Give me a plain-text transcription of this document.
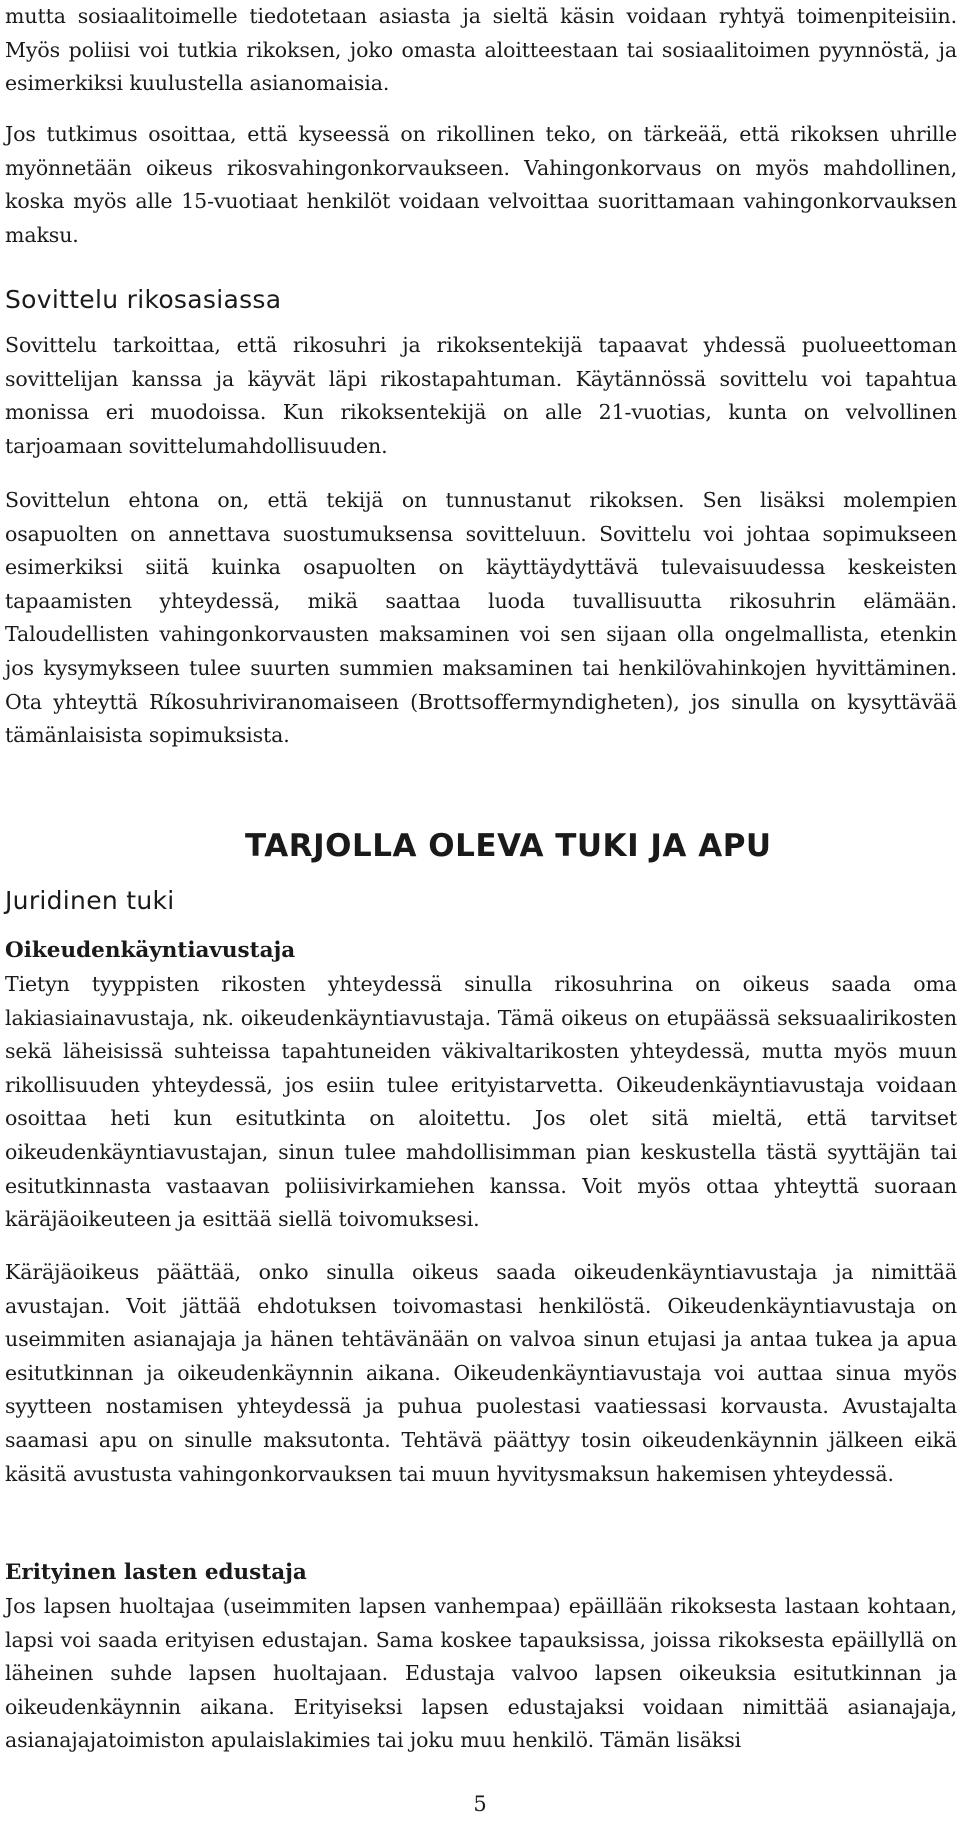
mutta sosiaalitoimelle tiedotetaan asiasta ja sieltä käsin voidaan ryhtyä toimenpiteisiin. Myös poliisi voi tutkia rikoksen, joko omasta aloitteestaan tai sosiaalitoimen pyynnöstä, ja esimerkiksi kuulustella asianomaisia.

Jos tutkimus osoittaa, että kyseessä on rikollinen teko, on tärkeää, että rikoksen uhrille myönnetään oikeus rikosvahingonkorvaukseen. Vahingonkorvaus on myös mahdollinen, koska myös alle 15-vuotiaat henkilöt voidaan velvoittaa suorittamaan vahingonkorvauksen maksu.

Sovittelu rikosasiassa

Sovittelu tarkoittaa, että rikosuhri ja rikoksentekijä tapaavat yhdessä puolueettoman sovittelijan kanssa ja käyvät läpi rikostapahtuman. Käytännössä sovittelu voi tapahtua monissa eri muodoissa. Kun rikoksentekijä on alle 21-vuotias, kunta on velvollinen tarjoamaan sovittelumahdollisuuden.

Sovittelun ehtona on, että tekijä on tunnustanut rikoksen. Sen lisäksi molempien osapuolten on annettava suostumuksensa sovitteluun. Sovittelu voi johtaa sopimukseen esimerkiksi siitä kuinka osapuolten on käyttäydyttävä tulevaisuudessa keskeisten tapaamisten yhteydessä, mikä saattaa luoda tuvallisuutta rikosuhrin elämään. Taloudellisten vahingonkorvausten maksaminen voi sen sijaan olla ongelmallista, etenkin jos kysymykseen tulee suurten summien maksaminen tai henkilövahinkojen hyvittäminen. Ota yhteyttä Ríkosuhriviranomaiseen (Brottsoffermyndigheten), jos sinulla on kysyttävää tämänlaisista sopimuksista.

TARJOLLA OLEVA TUKI JA APU
Juridinen tuki
Oikeudenkäyntiavustaja

Tietyn tyyppisten rikosten yhteydessä sinulla rikosuhrina on oikeus saada oma lakiasiainavustaja, nk. oikeudenkäyntiavustaja. Tämä oikeus on etupäässä seksuaalirikosten sekä läheisissä suhteissa tapahtuneiden väkivaltarikosten yhteydessä, mutta myös muun rikollisuuden yhteydessä, jos esiin tulee erityistarvetta. Oikeudenkäyntiavustaja voidaan osoittaa heti kun esitutkinta on aloitettu. Jos olet sitä mieltä, että tarvitset oikeudenkäyntiavustajan, sinun tulee mahdollisimman pian keskustella tästä syyttäjän tai esitutkinnasta vastaavan poliisivirkamiehen kanssa. Voit myös ottaa yhteyttä suoraan käräjäoikeuteen ja esittää siellä toivomuksesi.

Käräjäoikeus päättää, onko sinulla oikeus saada oikeudenkäyntiavustaja ja nimittää avustajan. Voit jättää ehdotuksen toivomastasi henkilöstä. Oikeudenkäyntiavustaja on useimmiten asianajaja ja hänen tehtävänään on valvoa sinun etujasi ja antaa tukea ja apua esitutkinnan ja oikeudenkäynnin aikana. Oikeudenkäyntiavustaja voi auttaa sinua myös syytteen nostamisen yhteydessä ja puhua puolestasi vaatiessasi korvausta. Avustajalta saamasi apu on sinulle maksutonta. Tehtävä päättyy tosin oikeudenkäynnin jälkeen eikä käsitä avustusta vahingonkorvauksen tai muun hyvitysmaksun hakemisen yhteydessä.

Erityinen lasten edustaja

Jos lapsen huoltajaa (useimmiten lapsen vanhempaa) epäillään rikoksesta lastaan kohtaan, lapsi voi saada erityisen edustajan. Sama koskee tapauksissa, joissa rikoksesta epäillyllä on läheinen suhde lapsen huoltajaan. Edustaja valvoo lapsen oikeuksia esitutkinnan ja oikeudenkäynnin aikana. Erityiseksi lapsen edustajaksi voidaan nimittää asianajaja, asianajajatoimiston apulaislakimies tai joku muu henkilö. Tämän lisäksi

5
